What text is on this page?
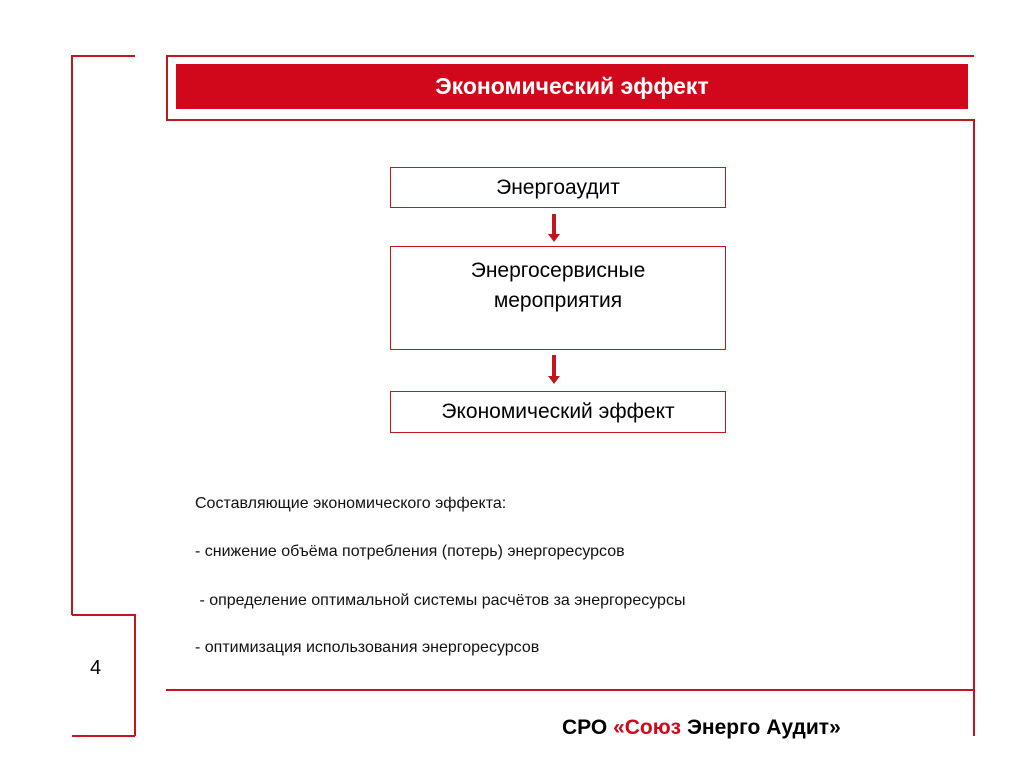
Экономический эффект
Энергоаудит
Энергосервисные мероприятия
Экономический эффект
Составляющие экономического эффекта:
- снижение объёма потребления (потерь) энергоресурсов
- определение оптимальной системы расчётов за энергоресурсы
- оптимизация использования энергоресурсов
4
СРО «Союз Энерго Аудит»
